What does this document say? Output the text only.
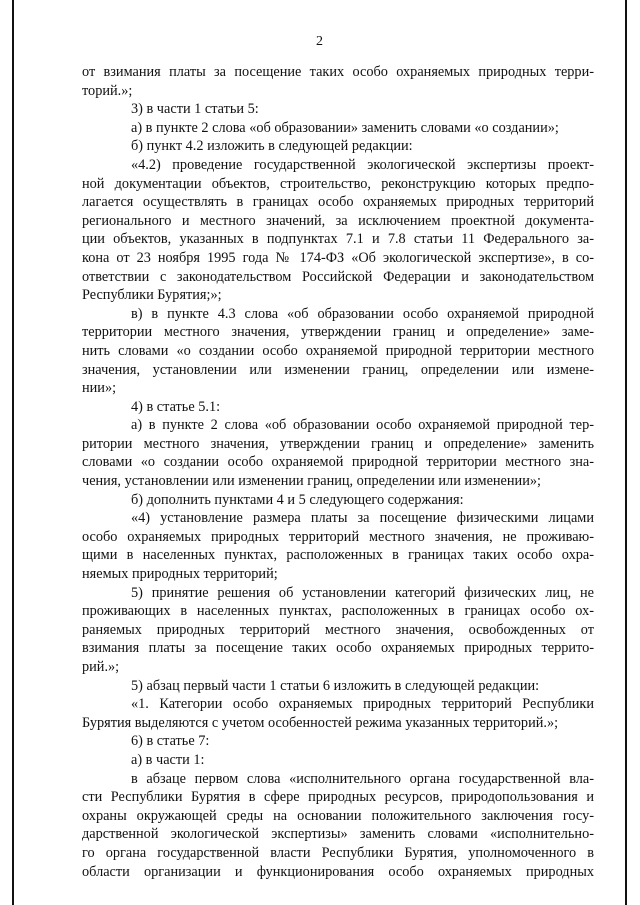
2
от взимания платы за посещение таких особо охраняемых природных терри-
торий.»;
3) в части 1 статьи 5:
а) в пункте 2 слова «об образовании» заменить словами «о создании»;
б) пункт 4.2 изложить в следующей редакции:
«4.2) проведение государственной экологической экспертизы проект-
ной документации объектов, строительство, реконструкцию которых предпо-
лагается осуществлять в границах особо охраняемых природных территорий
регионального и местного значений, за исключением проектной документа-
ции объектов, указанных в подпунктах 7.1 и 7.8 статьи 11 Федерального за-
кона от 23 ноября 1995 года № 174-ФЗ «Об экологической экспертизе», в со-
ответствии с законодательством Российской Федерации и законодательством
Республики Бурятия;»;
в) в пункте 4.3 слова «об образовании особо охраняемой природной
территории местного значения, утверждении границ и определение» заме-
нить словами «о создании особо охраняемой природной территории местного
значения, установлении или изменении границ, определении или измене-
нии»;
4) в статье 5.1:
а) в пункте 2 слова «об образовании особо охраняемой природной тер-
ритории местного значения, утверждении границ и определение» заменить
словами «о создании особо охраняемой природной территории местного зна-
чения, установлении или изменении границ, определении или изменении»;
б) дополнить пунктами 4 и 5 следующего содержания:
«4) установление размера платы за посещение физическими лицами
особо охраняемых природных территорий местного значения, не проживаю-
щими в населенных пунктах, расположенных в границах таких особо охра-
няемых природных территорий;
5) принятие решения об установлении категорий физических лиц, не
проживающих в населенных пунктах, расположенных в границах особо ох-
раняемых природных территорий местного значения, освобожденных от
взимания платы за посещение таких особо охраняемых природных террито-
рий.»;
5) абзац первый части 1 статьи 6 изложить в следующей редакции:
«1. Категории особо охраняемых природных территорий Республики
Бурятия выделяются с учетом особенностей режима указанных территорий.»;
6) в статье 7:
а) в части 1:
в абзаце первом слова «исполнительного органа государственной вла-
сти Республики Бурятия в сфере природных ресурсов, природопользования и
охраны окружающей среды на основании положительного заключения госу-
дарственной экологической экспертизы» заменить словами «исполнительно-
го органа государственной власти Республики Бурятия, уполномоченного в
области организации и функционирования особо охраняемых природных
